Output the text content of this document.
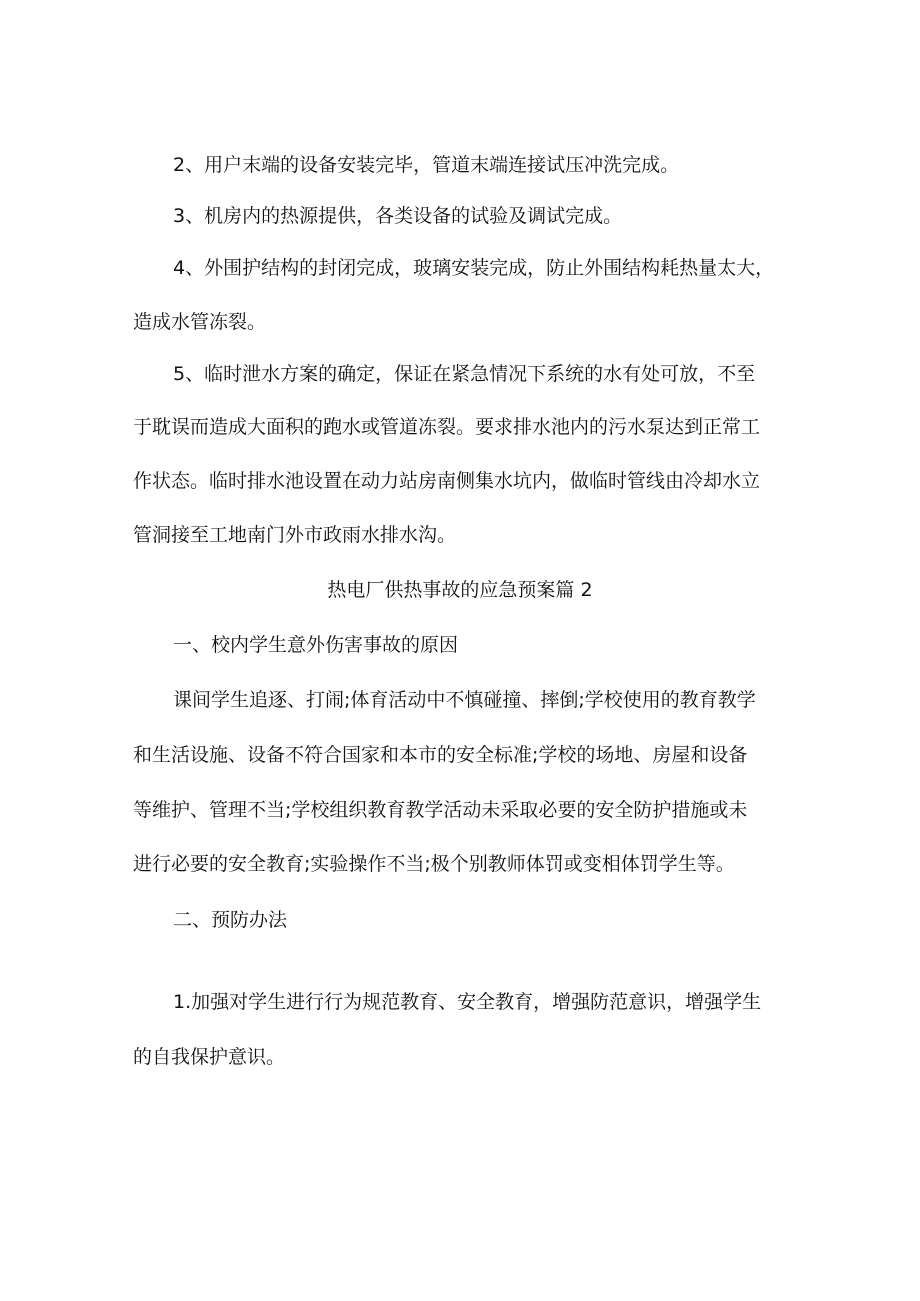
2、用户末端的设备安装完毕，管道末端连接试压冲洗完成。
3、机房内的热源提供，各类设备的试验及调试完成。
4、外围护结构的封闭完成，玻璃安装完成，防止外围结构耗热量太大，
造成水管冻裂。
5、临时泄水方案的确定，保证在紧急情况下系统的水有处可放，不至
于耽误而造成大面积的跑水或管道冻裂。要求排水池内的污水泵达到正常工
作状态。临时排水池设置在动力站房南侧集水坑内，做临时管线由冷却水立
管洞接至工地南门外市政雨水排水沟。
热电厂供热事故的应急预案篇 2
一、校内学生意外伤害事故的原因
课间学生追逐、打闹;体育活动中不慎碰撞、摔倒;学校使用的教育教学
和生活设施、设备不符合国家和本市的安全标准;学校的场地、房屋和设备
等维护、管理不当;学校组织教育教学活动未采取必要的安全防护措施或未
进行必要的安全教育;实验操作不当;极个别教师体罚或变相体罚学生等。
二、预防办法
1.加强对学生进行行为规范教育、安全教育，增强防范意识，增强学生
的自我保护意识。
